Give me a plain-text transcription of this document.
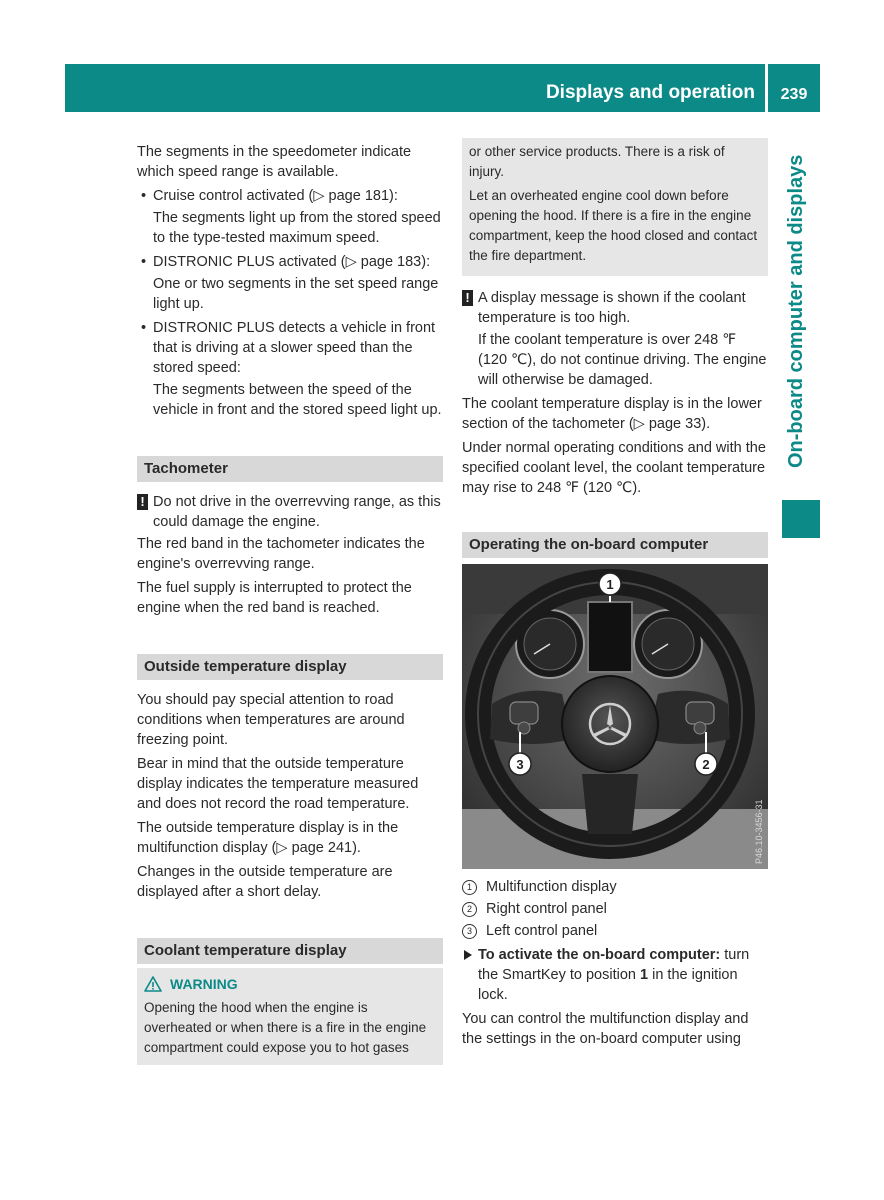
Displays and operation	239
On-board computer and displays

The segments in the speedometer indicate which speed range is available.

• Cruise control activated (▷ page 181):

The segments light up from the stored speed to the type-tested maximum speed.

• DISTRONIC PLUS activated (▷ page 183):

One or two segments in the set speed range light up.

• DISTRONIC PLUS detects a vehicle in front that is driving at a slower speed than the stored speed:

The segments between the speed of the vehicle in front and the stored speed light up.

Tachometer
! Do not drive in the overrevving range, as this could damage the engine.

The red band in the tachometer indicates the engine's overrevving range.

The fuel supply is interrupted to protect the engine when the red band is reached.

Outside temperature display

You should pay special attention to road conditions when temperatures are around freezing point.

Bear in mind that the outside temperature display indicates the temperature measured and does not record the road temperature.

The outside temperature display is in the multifunction display (▷ page 241).

Changes in the outside temperature are displayed after a short delay.

Coolant temperature display
WARNING
Opening the hood when the engine is overheated or when there is a fire in the engine compartment could expose you to hot gases

or other service products. There is a risk of injury.

Let an overheated engine cool down before opening the hood. If there is a fire in the engine compartment, keep the hood closed and contact the fire department.

! A display message is shown if the coolant temperature is too high.

If the coolant temperature is over 248 ℉ (120 ℃), do not continue driving. The engine will otherwise be damaged.

The coolant temperature display is in the lower section of the tachometer (▷ page 33).

Under normal operating conditions and with the specified coolant level, the coolant temperature may rise to 248 ℉ (120 ℃).

Operating the on-board computer
1
2
3
P46.10-3456-31
1 Multifunction display
2 Right control panel
3 Left control panel
To activate the on-board computer: turn the SmartKey to position 1 in the ignition lock.

You can control the multifunction display and the settings in the on-board computer using
